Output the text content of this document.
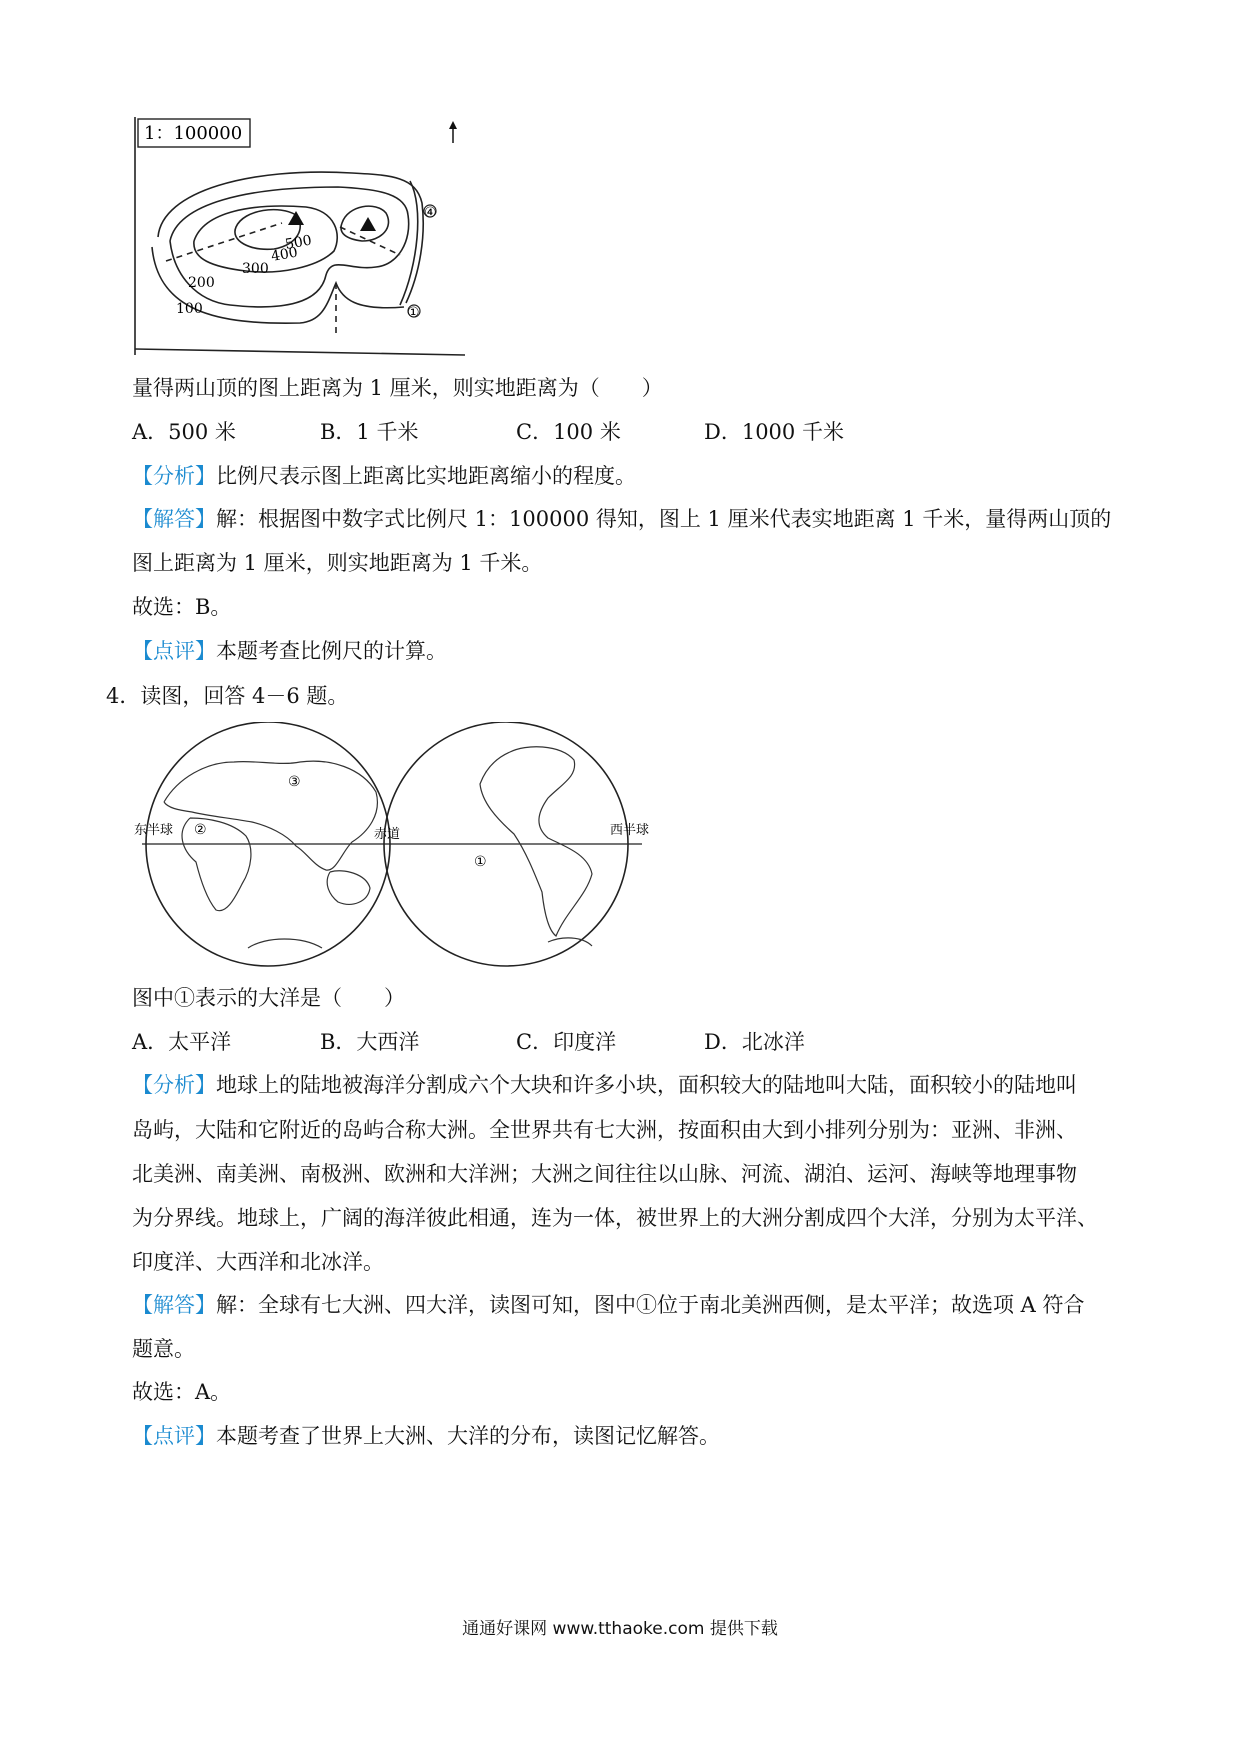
1：100000
500
400
300
200
100
④
①
量得两山顶的图上距离为 1 厘米，则实地距离为（　　）
A．500 米	B．1 千米	C．100 米	D．1000 千米
【分析】比例尺表示图上距离比实地距离缩小的程度。
【解答】解：根据图中数字式比例尺 1：100000 得知，图上 1 厘米代表实地距离 1 千米，量得两山顶的
图上距离为 1 厘米，则实地距离为 1 千米。
故选：B。
【点评】本题考查比例尺的计算。
4．读图，回答 4－6 题。
东半球	西半球
赤道
②
③
①
图中①表示的大洋是（　　）
A．太平洋	B．大西洋	C．印度洋	D．北冰洋
【分析】地球上的陆地被海洋分割成六个大块和许多小块，面积较大的陆地叫大陆，面积较小的陆地叫
岛屿，大陆和它附近的岛屿合称大洲。全世界共有七大洲，按面积由大到小排列分别为：亚洲、非洲、
北美洲、南美洲、南极洲、欧洲和大洋洲；大洲之间往往以山脉、河流、湖泊、运河、海峡等地理事物
为分界线。地球上，广阔的海洋彼此相通，连为一体，被世界上的大洲分割成四个大洋，分别为太平洋、
印度洋、大西洋和北冰洋。
【解答】解：全球有七大洲、四大洋，读图可知，图中①位于南北美洲西侧，是太平洋；故选项 A 符合
题意。
故选：A。
【点评】本题考查了世界上大洲、大洋的分布，读图记忆解答。
通通好课网 www.tthaoke.com 提供下载
